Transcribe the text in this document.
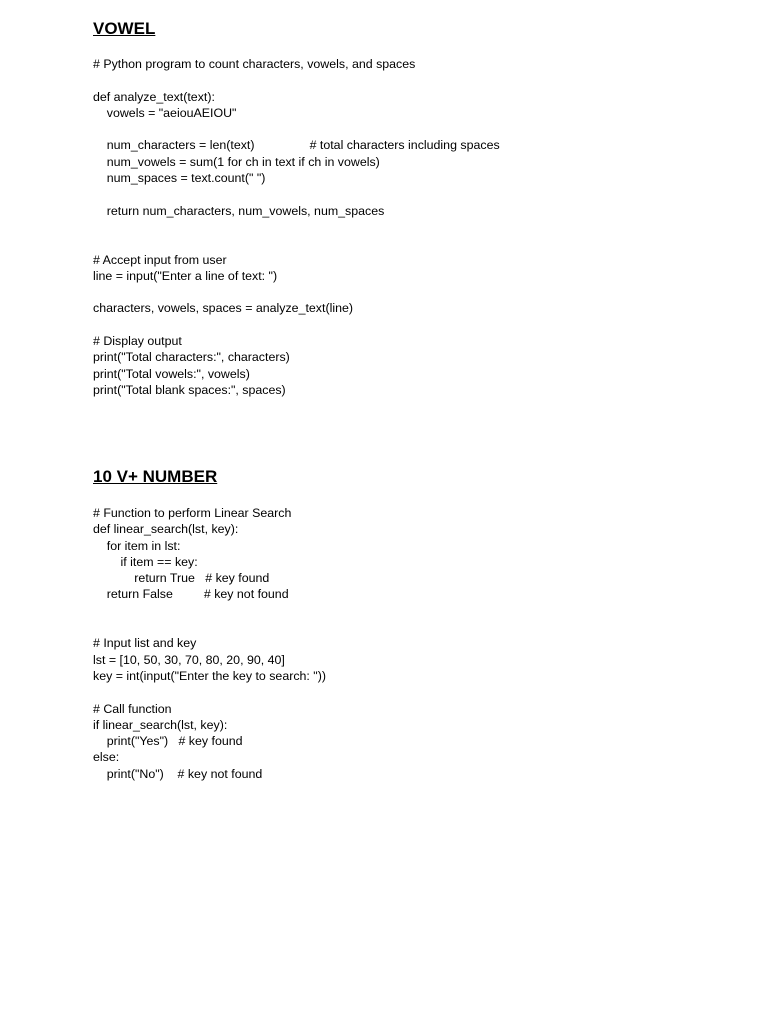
VOWEL
# Python program to count characters, vowels, and spaces
def analyze_text(text):
vowels = "aeiouAEIOU"
num_characters = len(text)                # total characters including spaces
num_vowels = sum(1 for ch in text if ch in vowels)
num_spaces = text.count(" ")
return num_characters, num_vowels, num_spaces
# Accept input from user
line = input("Enter a line of text: ")
characters, vowels, spaces = analyze_text(line)
# Display output
print("Total characters:", characters)
print("Total vowels:", vowels)
print("Total blank spaces:", spaces)
10 V+ NUMBER
# Function to perform Linear Search
def linear_search(lst, key):
for item in lst:
if item == key:
return True   # key found
return False         # key not found
# Input list and key
lst = [10, 50, 30, 70, 80, 20, 90, 40]
key = int(input("Enter the key to search: "))
# Call function
if linear_search(lst, key):
print("Yes")   # key found
else:
print("No")    # key not found
